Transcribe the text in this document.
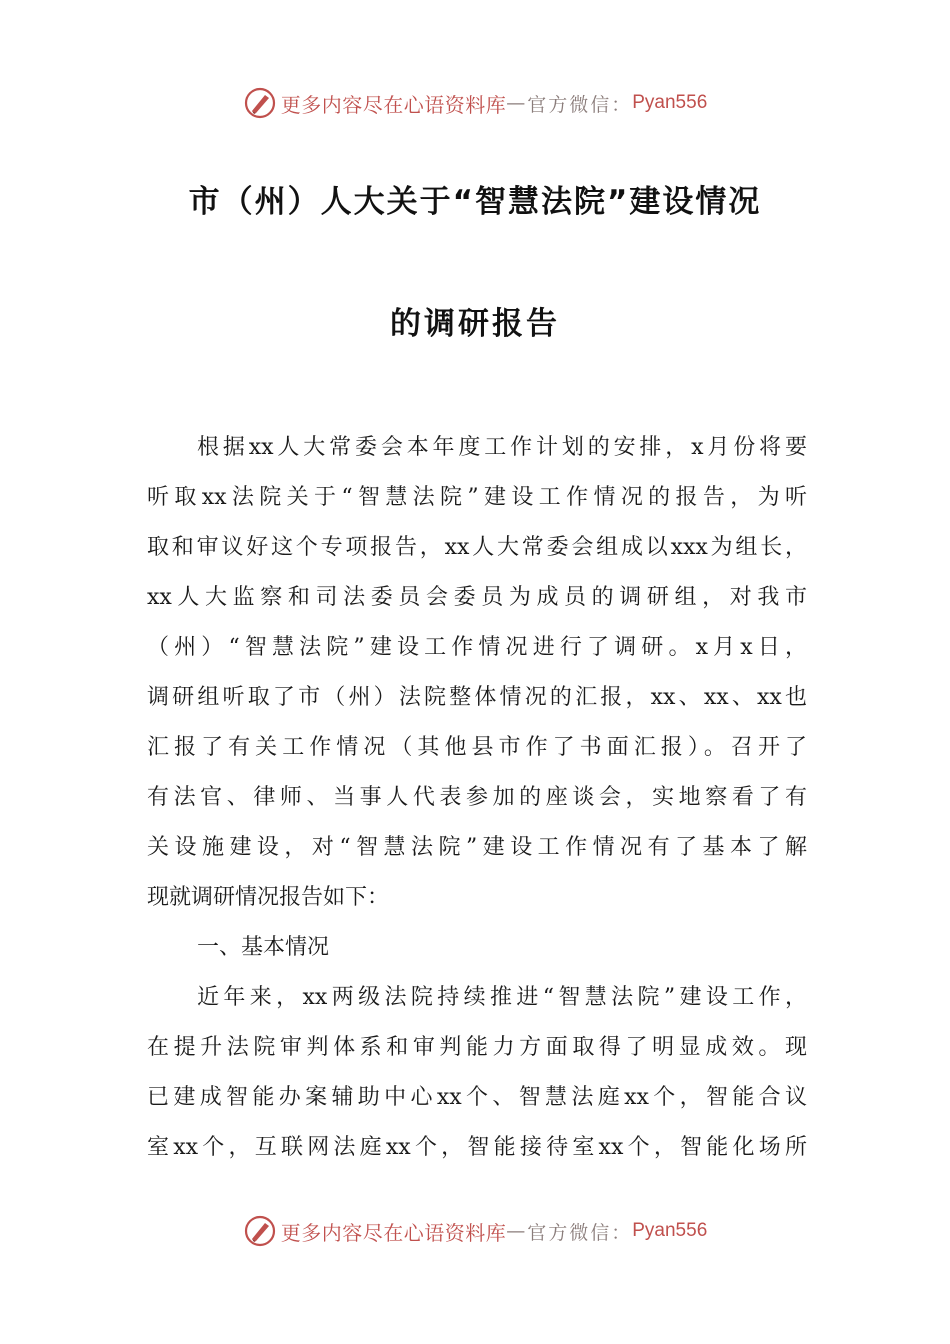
更多内容尽在心语资料库 — 官方微信： Pyan556
市（州）人大关于“智慧法院”建设情况
的调研报告
根据xx人大常委会本年度工作计划的安排，x月份将要
听取xx法院关于“智慧法院”建设工作情况的报告，为听
取和审议好这个专项报告，xx人大常委会组成以xxx为组长，
xx人大监察和司法委员会委员为成员的调研组，对我市
（州）“智慧法院”建设工作情况进行了调研。x月x日，
调研组听取了市（州）法院整体情况的汇报，xx、xx、xx也
汇报了有关工作情况（其他县市作了书面汇报）。召开了
有法官、律师、当事人代表参加的座谈会，实地察看了有
关设施建设，对“智慧法院”建设工作情况有了基本了解
现就调研情况报告如下：
一、基本情况
近年来，xx两级法院持续推进“智慧法院”建设工作，
在提升法院审判体系和审判能力方面取得了明显成效。现
已建成智能办案辅助中心xx个、智慧法庭xx个，智能合议
室xx个，互联网法庭xx个，智能接待室xx个，智能化场所
更多内容尽在心语资料库 — 官方微信： Pyan556
